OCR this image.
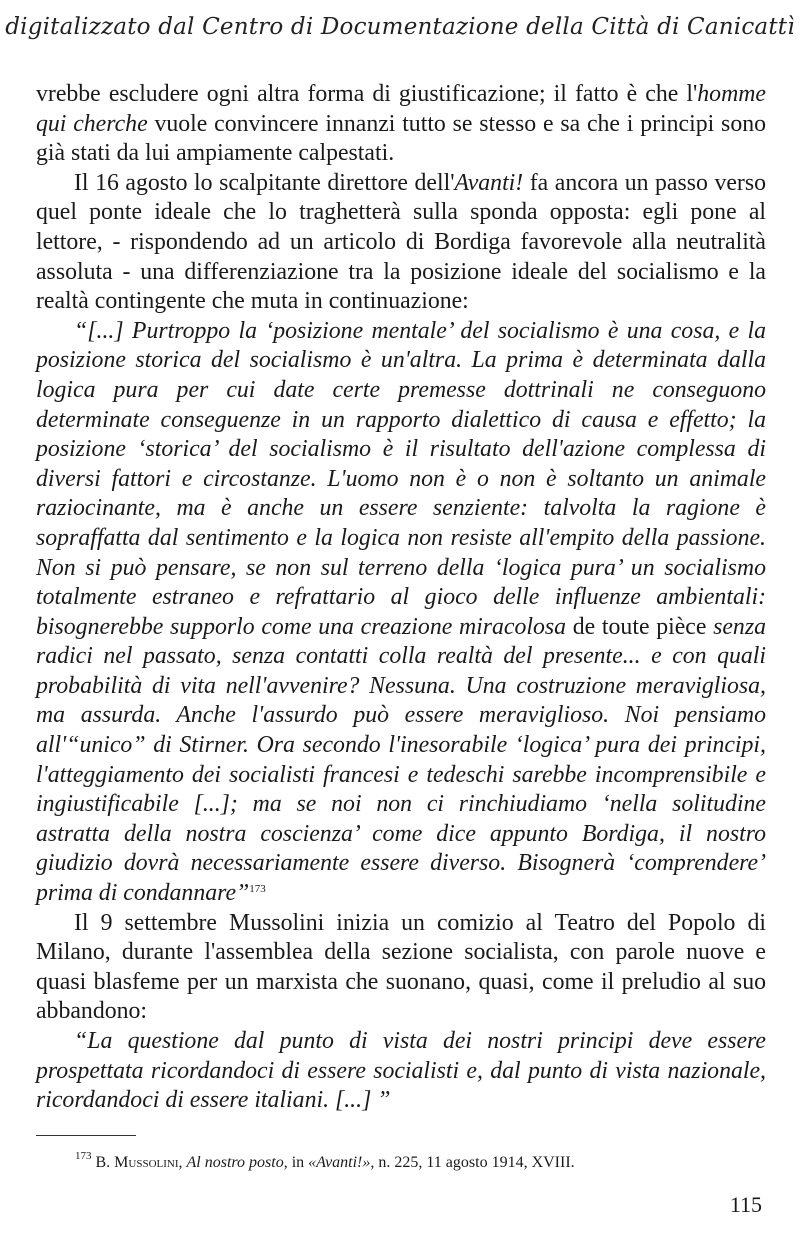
digitalizzato dal Centro di Documentazione della Città di Canicattì

vrebbe escludere ogni altra forma di giustificazione; il fatto è che l'homme qui cherche vuole convincere innanzi tutto se stesso e sa che i principi sono già stati da lui ampiamente calpestati.

Il 16 agosto lo scalpitante direttore dell'Avanti! fa ancora un passo verso quel ponte ideale che lo traghetterà sulla sponda opposta: egli pone al lettore, - rispondendo ad un articolo di Bordiga favorevole alla neutralità assoluta - una differenziazione tra la posizione ideale del socialismo e la realtà contingente che muta in continuazione:

“[...] Purtroppo la ‘posizione mentale’ del socialismo è una cosa, e la posizione storica del socialismo è un'altra. La prima è determinata dalla logica pura per cui date certe premesse dottrinali ne conseguono determinate conseguenze in un rapporto dialettico di causa e effetto; la posizione ‘storica’ del socialismo è il risultato dell'azione complessa di diversi fattori e circostanze. L'uomo non è o non è soltanto un animale raziocinante, ma è anche un essere senziente: talvolta la ragione è sopraffatta dal sentimento e la logica non resiste all'empito della passione. Non si può pensare, se non sul terreno della ‘logica pura’ un socialismo totalmente estraneo e refrattario al gioco delle influenze ambientali: bisognerebbe supporlo come una creazione miracolosa de toute pièce senza radici nel passato, senza contatti colla realtà del presente... e con quali probabilità di vita nell'avvenire? Nessuna. Una costruzione meravigliosa, ma assurda. Anche l'assurdo può essere meraviglioso. Noi pensiamo all'“unico” di Stirner. Ora secondo l'inesorabile ‘logica’ pura dei principi, l'atteggiamento dei socialisti francesi e tedeschi sarebbe incomprensibile e ingiustificabile [...]; ma se noi non ci rinchiudiamo ‘nella solitudine astratta della nostra coscienza’ come dice appunto Bordiga, il nostro giudizio dovrà necessariamente essere diverso. Bisognerà ‘comprendere’ prima di condannare”$^{173}$

Il 9 settembre Mussolini inizia un comizio al Teatro del Popolo di Milano, durante l'assemblea della sezione socialista, con parole nuove e quasi blasfeme per un marxista che suonano, quasi, come il preludio al suo abbandono:

“La questione dal punto di vista dei nostri principi deve essere prospettata ricordandoci di essere socialisti e, dal punto di vista nazionale, ricordandoci di essere italiani. [...] ”

$^{173}$ B. Mussolini, Al nostro posto, in «Avanti!», n. 225, 11 agosto 1914, XVIII.
115
